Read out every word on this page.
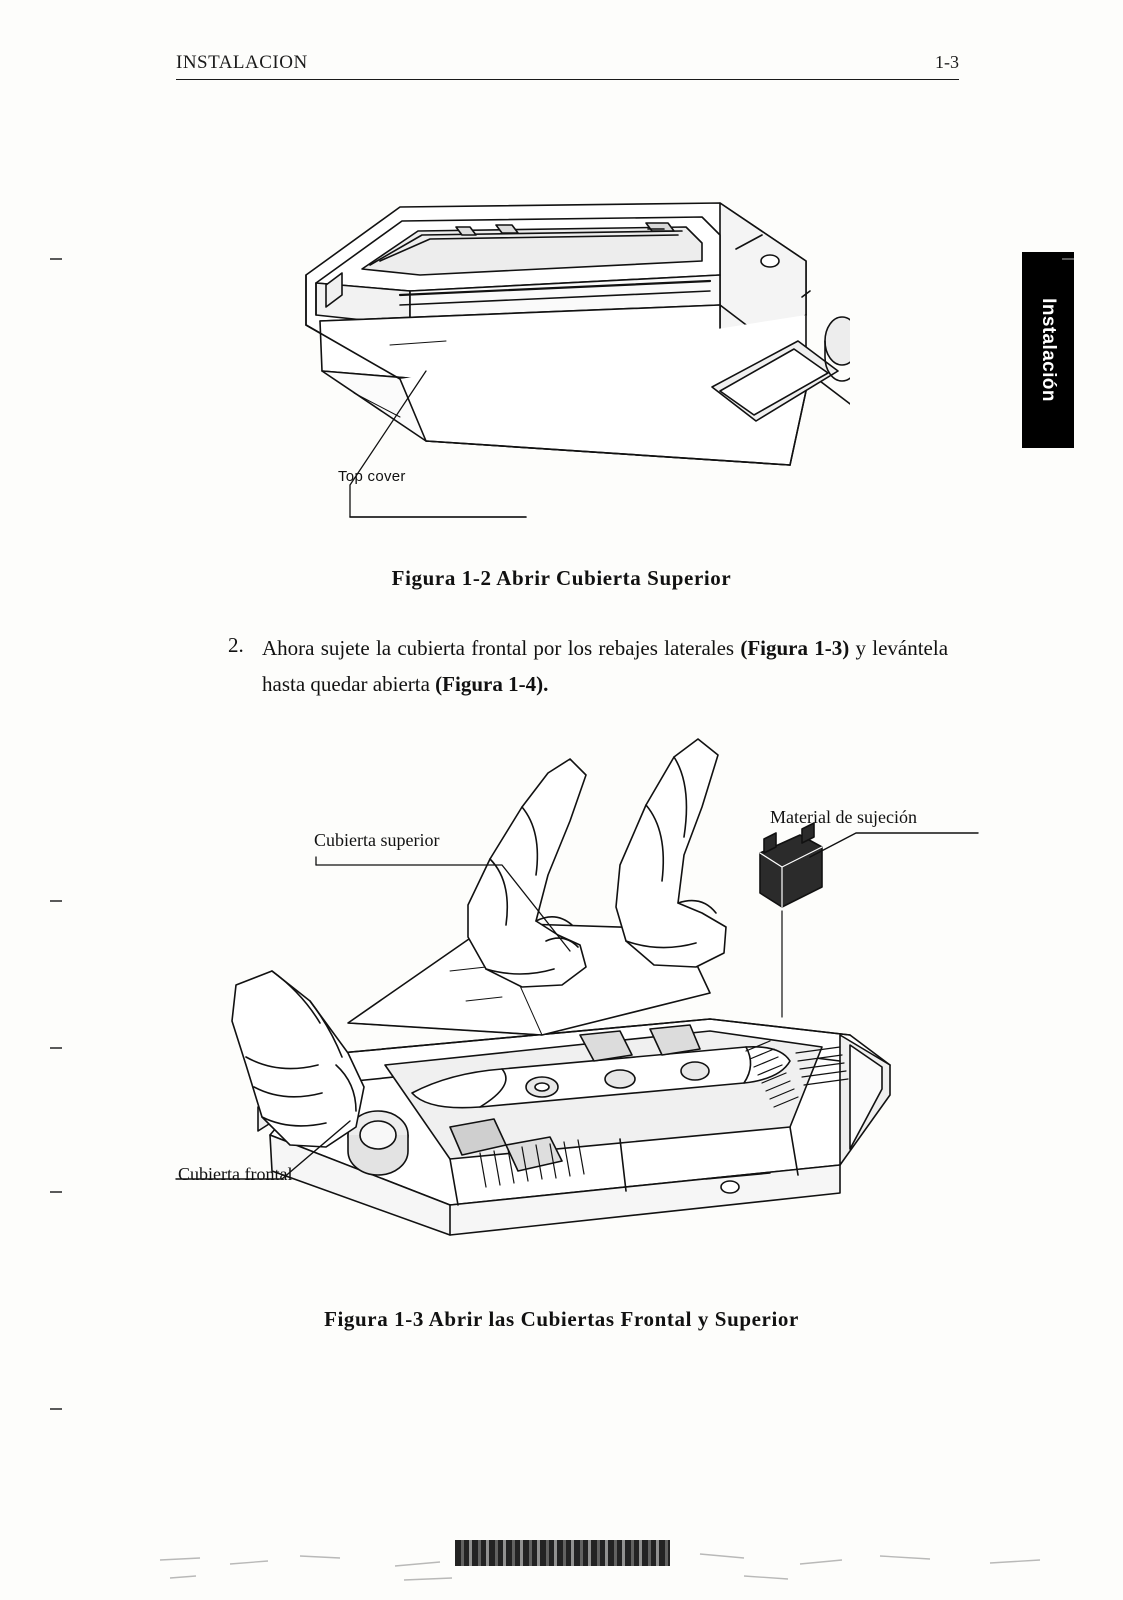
INSTALACION	1-3
Instalación
Top cover
Figura 1-2 Abrir Cubierta Superior
2. Ahora sujete la cubierta frontal por los rebajes laterales (Figura 1-3) y levántela hasta quedar abierta (Figura 1-4).
Cubierta superior
Material de sujeción
Cubierta frontal
Figura 1-3 Abrir las Cubiertas Frontal y Superior
